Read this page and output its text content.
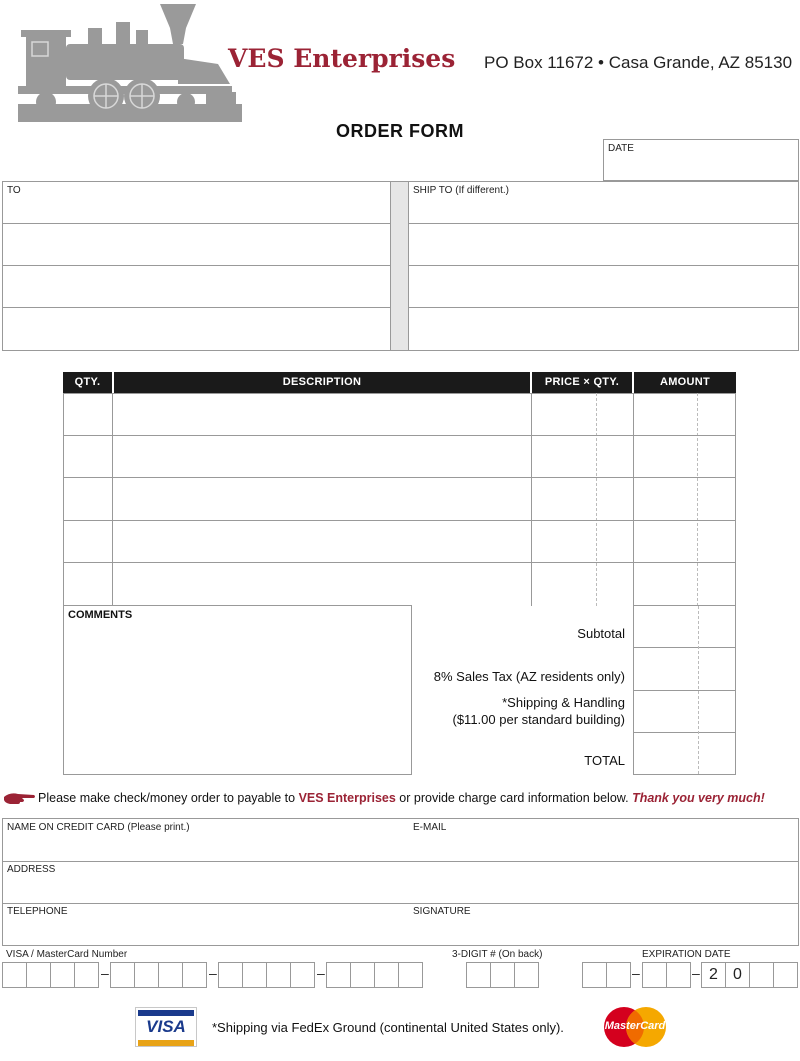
VES Enterprises PO Box 11672 • Casa Grande, AZ 85130
ORDER FORM
DATE
TO	SHIP TO (If different.)
QTY.	DESCRIPTION	PRICE × QTY.	AMOUNT
COMMENTS
Subtotal
8% Sales Tax (AZ residents only)
*Shipping & Handling
($11.00 per standard building)
TOTAL
Please make check/money order to payable to VES Enterprises or provide charge card information below. Thank you very much!
NAME ON CREDIT CARD (Please print.)	E-MAIL
ADDRESS
TELEPHONE	SIGNATURE
VISA / MasterCard Number	3-DIGIT # (On back)	EXPIRATION DATE
–	–	–	–	– 2 0
VISA	*Shipping via FedEx Ground (continental United States only).	MasterCard
